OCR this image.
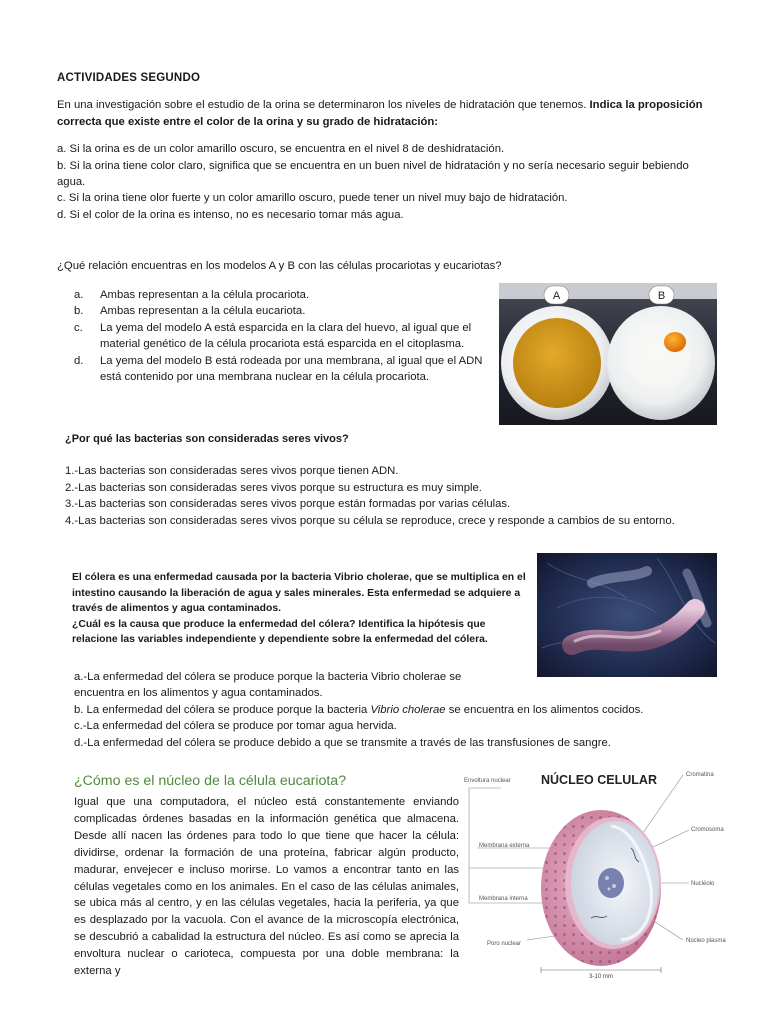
ACTIVIDADES SEGUNDO

En una investigación sobre el estudio de la orina se determinaron los niveles de hidratación que tenemos. Indica la proposición correcta que existe entre el color de la orina y su grado de hidratación:

a. Si la orina es de un color amarillo oscuro, se encuentra en el nivel 8 de deshidratación.

b. Si la orina tiene color claro, significa que se encuentra en un buen nivel de hidratación y no sería necesario seguir bebiendo agua.

c. Si la orina tiene olor fuerte y un color amarillo oscuro, puede tener un nivel muy bajo de hidratación.

d. Si el color de la orina es intenso, no es necesario tomar más agua.

¿Qué relación encuentras en los modelos A y B con las células procariotas y eucariotas?

a. Ambas representan a la célula procariota.
b. Ambas representan a la célula eucariota.
c. La yema del modelo A está esparcida en la clara del huevo, al igual que el material genético de la célula procariota está esparcida en el citoplasma.
d. La yema del modelo B está rodeada por una membrana, al igual que el ADN está contenido por una membrana nuclear en la célula procariota.
A	B

¿Por qué las bacterias son consideradas seres vivos?

1.-Las bacterias son consideradas seres vivos porque tienen ADN.

2.-Las bacterias son consideradas seres vivos porque su estructura es muy simple.

3.-Las bacterias son consideradas seres vivos porque están formadas por varias células.

4.-Las bacterias son consideradas seres vivos porque su célula se reproduce, crece y responde a cambios de su entorno.

El cólera es una enfermedad causada por la bacteria Vibrio cholerae, que se multiplica en el intestino causando la liberación de agua y sales minerales. Esta enfermedad se adquiere a través de alimentos y agua contaminados.

¿Cuál es la causa que produce la enfermedad del cólera? Identifica la hipótesis que relacione las variables independiente y dependiente sobre la enfermedad del cólera.

a.-La enfermedad del cólera se produce porque la bacteria Vibrio cholerae se encuentra en los alimentos y agua contaminados.

b. La enfermedad del cólera se produce porque la bacteria Vibrio cholerae se encuentra en los alimentos cocidos.

c.-La enfermedad del cólera se produce por tomar agua hervida.

d.-La enfermedad del cólera se produce debido a que se transmite a través de las transfusiones de sangre.

¿Cómo es el núcleo de la célula eucariota?

Igual que una computadora, el núcleo está constantemente enviando complicadas órdenes basadas en la información genética que almacena. Desde allí nacen las órdenes para todo lo que tiene que hacer la célula: dividirse, ordenar la formación de una proteína, fabricar algún producto, madurar, envejecer e incluso morirse. Lo vamos a encontrar tanto en las células vegetales como en los animales. En el caso de las células animales, se ubica más al centro, y en las células vegetales, hacia la periferia, ya que es desplazado por la vacuola. Con el avance de la microscopía electrónica, se descubrió a cabalidad la estructura del núcleo. Es así como se aprecia la envoltura nuclear o carioteca, compuesta por una doble membrana: la externa y

NÚCLEO CELULAR
Envoltura nuclear
Membrana externa
Membrana interna
Poro nuclear
Cromatina
Cromosoma
Nucléolo
Núcleo plasma
3-10 mm
